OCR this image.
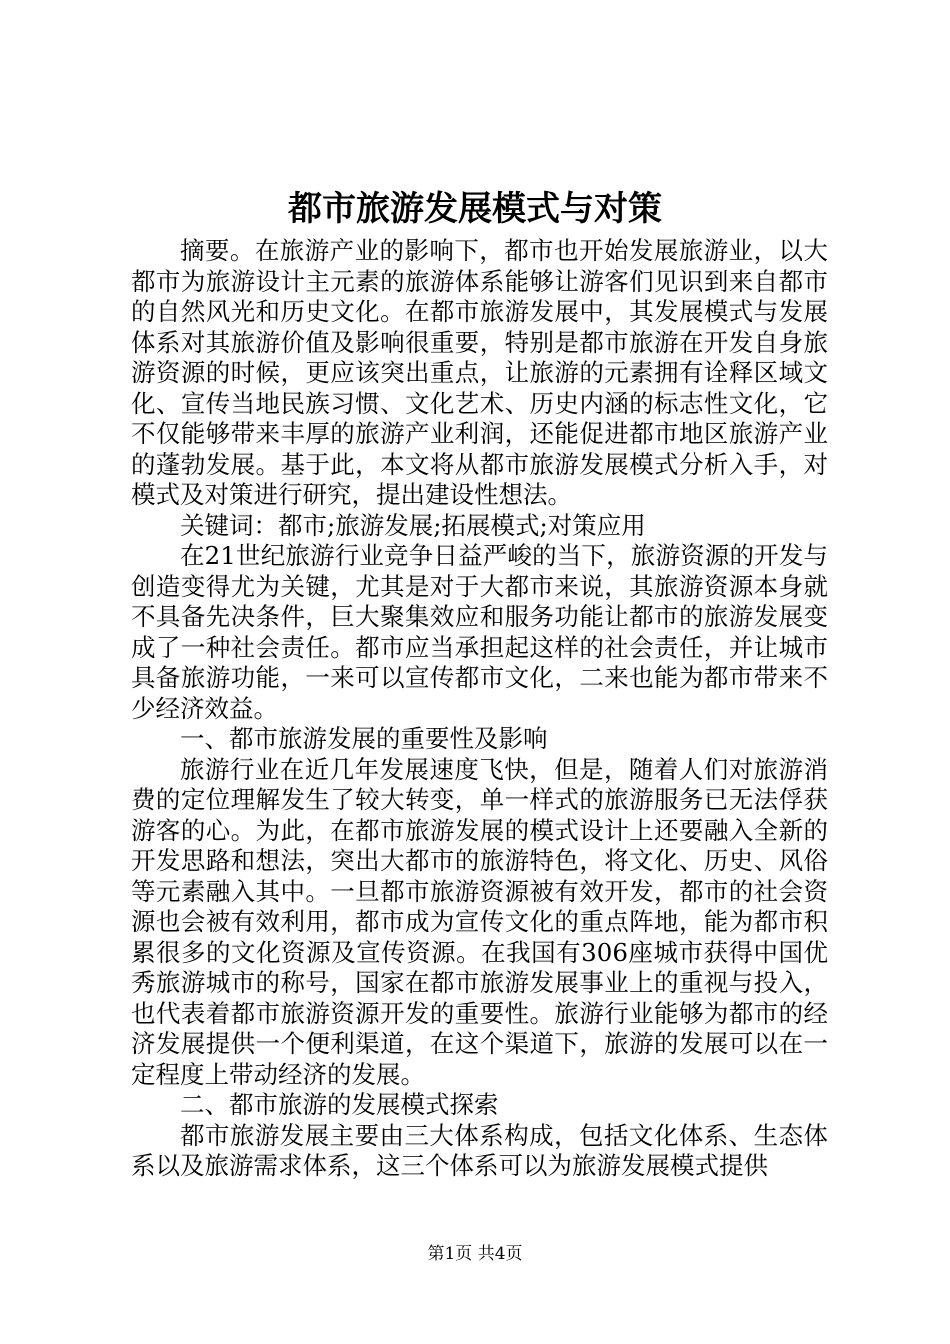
都市旅游发展模式与对策

摘要。在旅游产业的影响下，都市也开始发展旅游业，以大都市为旅游设计主元素的旅游体系能够让游客们见识到来自都市的自然风光和历史文化。在都市旅游发展中，其发展模式与发展体系对其旅游价值及影响很重要，特别是都市旅游在开发自身旅游资源的时候，更应该突出重点，让旅游的元素拥有诠释区域文化、宣传当地民族习惯、文化艺术、历史内涵的标志性文化，它不仅能够带来丰厚的旅游产业利润，还能促进都市地区旅游产业的蓬勃发展。基于此，本文将从都市旅游发展模式分析入手，对模式及对策进行研究，提出建设性想法。

关键词：都市;旅游发展;拓展模式;对策应用

在21世纪旅游行业竞争日益严峻的当下，旅游资源的开发与创造变得尤为关键，尤其是对于大都市来说，其旅游资源本身就不具备先决条件，巨大聚集效应和服务功能让都市的旅游发展变成了一种社会责任。都市应当承担起这样的社会责任，并让城市具备旅游功能，一来可以宣传都市文化，二来也能为都市带来不少经济效益。

一、都市旅游发展的重要性及影响

旅游行业在近几年发展速度飞快，但是，随着人们对旅游消费的定位理解发生了较大转变，单一样式的旅游服务已无法俘获游客的心。为此，在都市旅游发展的模式设计上还要融入全新的开发思路和想法，突出大都市的旅游特色，将文化、历史、风俗等元素融入其中。一旦都市旅游资源被有效开发，都市的社会资源也会被有效利用，都市成为宣传文化的重点阵地，能为都市积累很多的文化资源及宣传资源。在我国有306座城市获得中国优秀旅游城市的称号，国家在都市旅游发展事业上的重视与投入，也代表着都市旅游资源开发的重要性。旅游行业能够为都市的经济发展提供一个便利渠道，在这个渠道下，旅游的发展可以在一定程度上带动经济的发展。

二、都市旅游的发展模式探索

都市旅游发展主要由三大体系构成，包括文化体系、生态体系以及旅游需求体系，这三个体系可以为旅游发展模式提供

第1页 共4页
